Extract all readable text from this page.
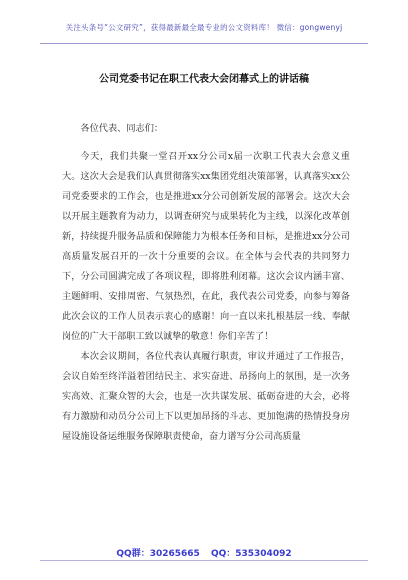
关注头条号“公文研究”，获得最新最全最专业的公文资料库！ 微信：gongwenyj
公司党委书记在职工代表大会闭幕式上的讲话稿

各位代表、同志们：

今天，我们共聚一堂召开xx分公司x届一次职工代表大会意义重大。这次大会是我们认真贯彻落实xx集团党组决策部署，认真落实xx公司党委要求的工作会，也是推进xx分公司创新发展的部署会。这次大会以开展主题教育为动力，以调查研究与成果转化为主线，以深化改革创新，持续提升服务品质和保障能力为根本任务和目标，是推进xx分公司高质量发展召开的一次十分重要的会议。在全体与会代表的共同努力下，分公司圆满完成了各项议程，即将胜利闭幕。这次会议内涵丰富、主题鲜明、安排周密、气氛热烈，在此，我代表公司党委，向参与筹备此次会议的工作人员表示衷心的感谢！向一直以来扎根基层一线、奉献岗位的广大干部职工致以诚挚的敬意！你们辛苦了！

本次会议期间，各位代表认真履行职责，审议并通过了工作报告，会议自始至终洋溢着团结民主、求实奋进、昂扬向上的氛围，是一次务实高效、汇聚众智的大会，也是一次共谋发展、砥砺奋进的大会，必将有力激励和动员分公司上下以更加昂扬的斗志、更加饱满的热情投身房屋设施设备运维服务保障职责使命，奋力谱写分公司高质量

QQ群：30265665 QQ：535304092
